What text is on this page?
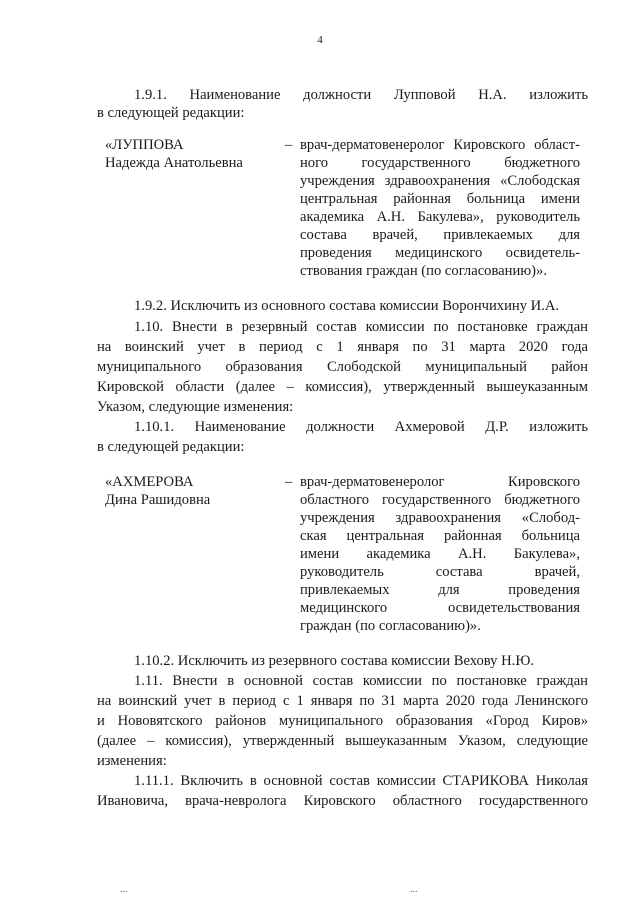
4
1.9.1. Наименование должности Лупповой Н.А. изложить
в следующей редакции:
«ЛУППОВА
Надежда Анатольевна
– врач-дерматовенеролог Кировского област-
ного государственного бюджетного
учреждения здравоохранения «Слободская
центральная районная больница имени
академика А.Н. Бакулева», руководитель
состава врачей, привлекаемых для
проведения медицинского освидетель-
ствования граждан (по согласованию)».
1.9.2. Исключить из основного состава комиссии Ворончихину И.А.
1.10. Внести в резервный состав комиссии по постановке граждан
на воинский учет в период с 1 января по 31 марта 2020 года
муниципального образования Слободской муниципальный район
Кировской области (далее – комиссия), утвержденный вышеуказанным
Указом, следующие изменения:
1.10.1. Наименование должности Ахмеровой Д.Р. изложить
в следующей редакции:
«АХМЕРОВА
Дина Рашидовна
– врач-дерматовенеролог Кировского
областного государственного бюджетного
учреждения здравоохранения «Слобод-
ская центральная районная больница
имени академика А.Н. Бакулева»,
руководитель состава врачей,
привлекаемых для проведения
медицинского освидетельствования
граждан (по согласованию)».
1.10.2. Исключить из резервного состава комиссии Вехову Н.Ю.
1.11. Внести в основной состав комиссии по постановке граждан
на воинский учет в период с 1 января по 31 марта 2020 года Ленинского
и Нововятского районов муниципального образования «Город Киров»
(далее – комиссия), утвержденный вышеуказанным Указом, следующие
изменения:
1.11.1. Включить в основной состав комиссии СТАРИКОВА Николая
Ивановича, врача-невролога Кировского областного государственного
...	...
